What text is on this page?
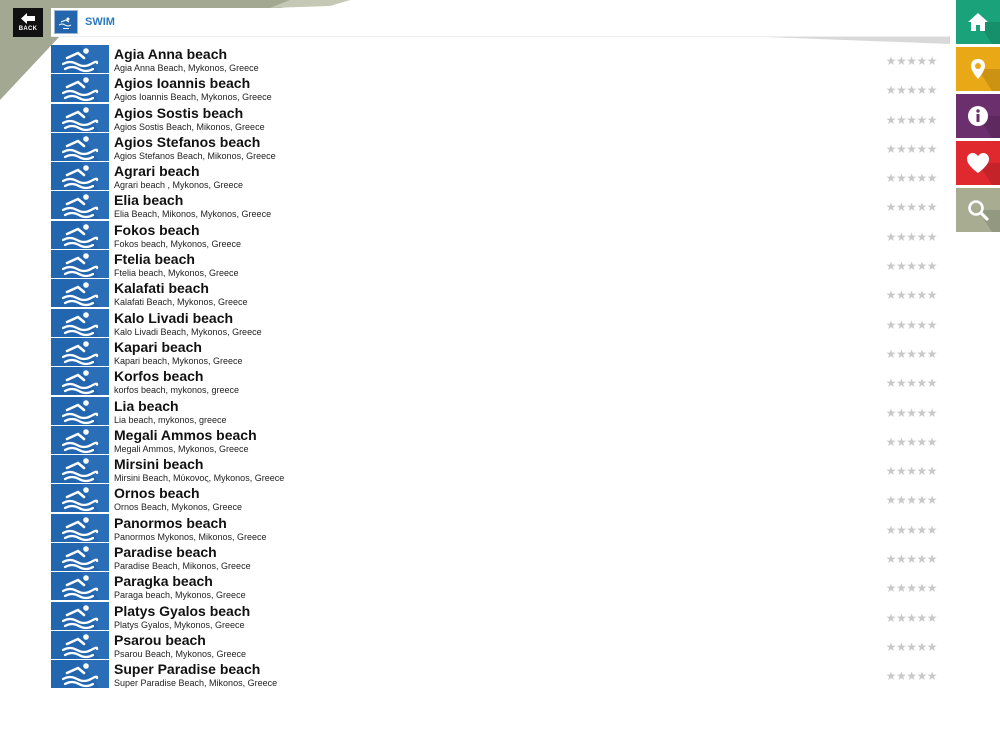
BACK
SWIM
Agia Anna beach
Agia Anna Beach, Mykonos, Greece	★★★★★
Agios Ioannis beach
Agios Ioannis Beach, Mykonos, Greece	★★★★★
Agios Sostis beach
Agios Sostis Beach, Mikonos, Greece	★★★★★
Agios Stefanos beach
Agios Stefanos Beach, Mikonos, Greece	★★★★★
Agrari beach
Agrari beach , Mykonos, Greece	★★★★★
Elia beach
Elia Beach, Mikonos, Mykonos, Greece	★★★★★
Fokos beach
Fokos beach, Mykonos, Greece	★★★★★
Ftelia beach
Ftelia beach, Mykonos, Greece	★★★★★
Kalafati beach
Kalafati Beach, Mykonos, Greece	★★★★★
Kalo Livadi beach
Kalo Livadi Beach, Mykonos, Greece	★★★★★
Kapari beach
Kapari beach, Mykonos, Greece	★★★★★
Korfos beach
korfos beach, mykonos, greece	★★★★★
Lia beach
Lia beach, mykonos, greece	★★★★★
Megali Ammos beach
Megali Ammos, Mykonos, Greece	★★★★★
Mirsini beach
Mirsini Beach, Μύκονος, Mykonos, Greece	★★★★★
Ornos beach
Ornos Beach, Mykonos, Greece	★★★★★
Panormos beach
Panormos Mykonos, Mikonos, Greece	★★★★★
Paradise beach
Paradise Beach, Mikonos, Greece	★★★★★
Paragka beach
Paraga beach, Mykonos, Greece	★★★★★
Platys Gyalos beach
Platys Gyalos, Mykonos, Greece	★★★★★
Psarou beach
Psarou Beach, Mykonos, Greece	★★★★★
Super Paradise beach
Super Paradise Beach, Mikonos, Greece	★★★★★
